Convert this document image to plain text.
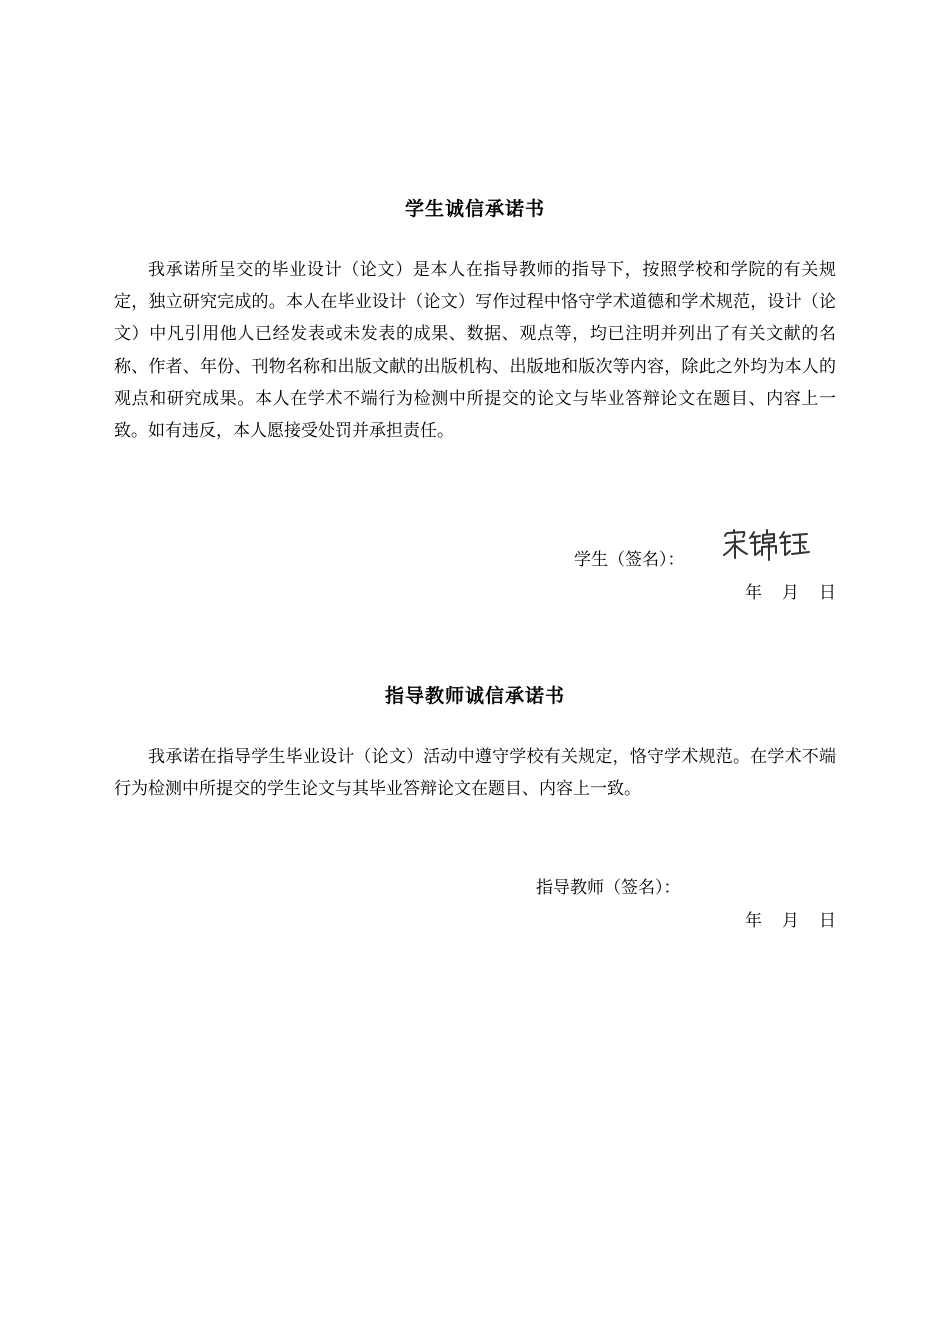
学生诚信承诺书

我承诺所呈交的毕业设计（论文）是本人在指导教师的指导下，按照学校和学院的有关规定，独立研究完成的。本人在毕业设计（论文）写作过程中恪守学术道德和学术规范，设计（论文）中凡引用他人已经发表或未发表的成果、数据、观点等，均已注明并列出了有关文献的名称、作者、年份、刊物名称和出版文献的出版机构、出版地和版次等内容，除此之外均为本人的观点和研究成果。本人在学术不端行为检测中所提交的论文与毕业答辩论文在题目、内容上一致。如有违反，本人愿接受处罚并承担责任。

学生（签名）：
年 月 日
指导教师诚信承诺书

我承诺在指导学生毕业设计（论文）活动中遵守学校有关规定，恪守学术规范。在学术不端行为检测中所提交的学生论文与其毕业答辩论文在题目、内容上一致。

指导教师（签名）：
年 月 日
